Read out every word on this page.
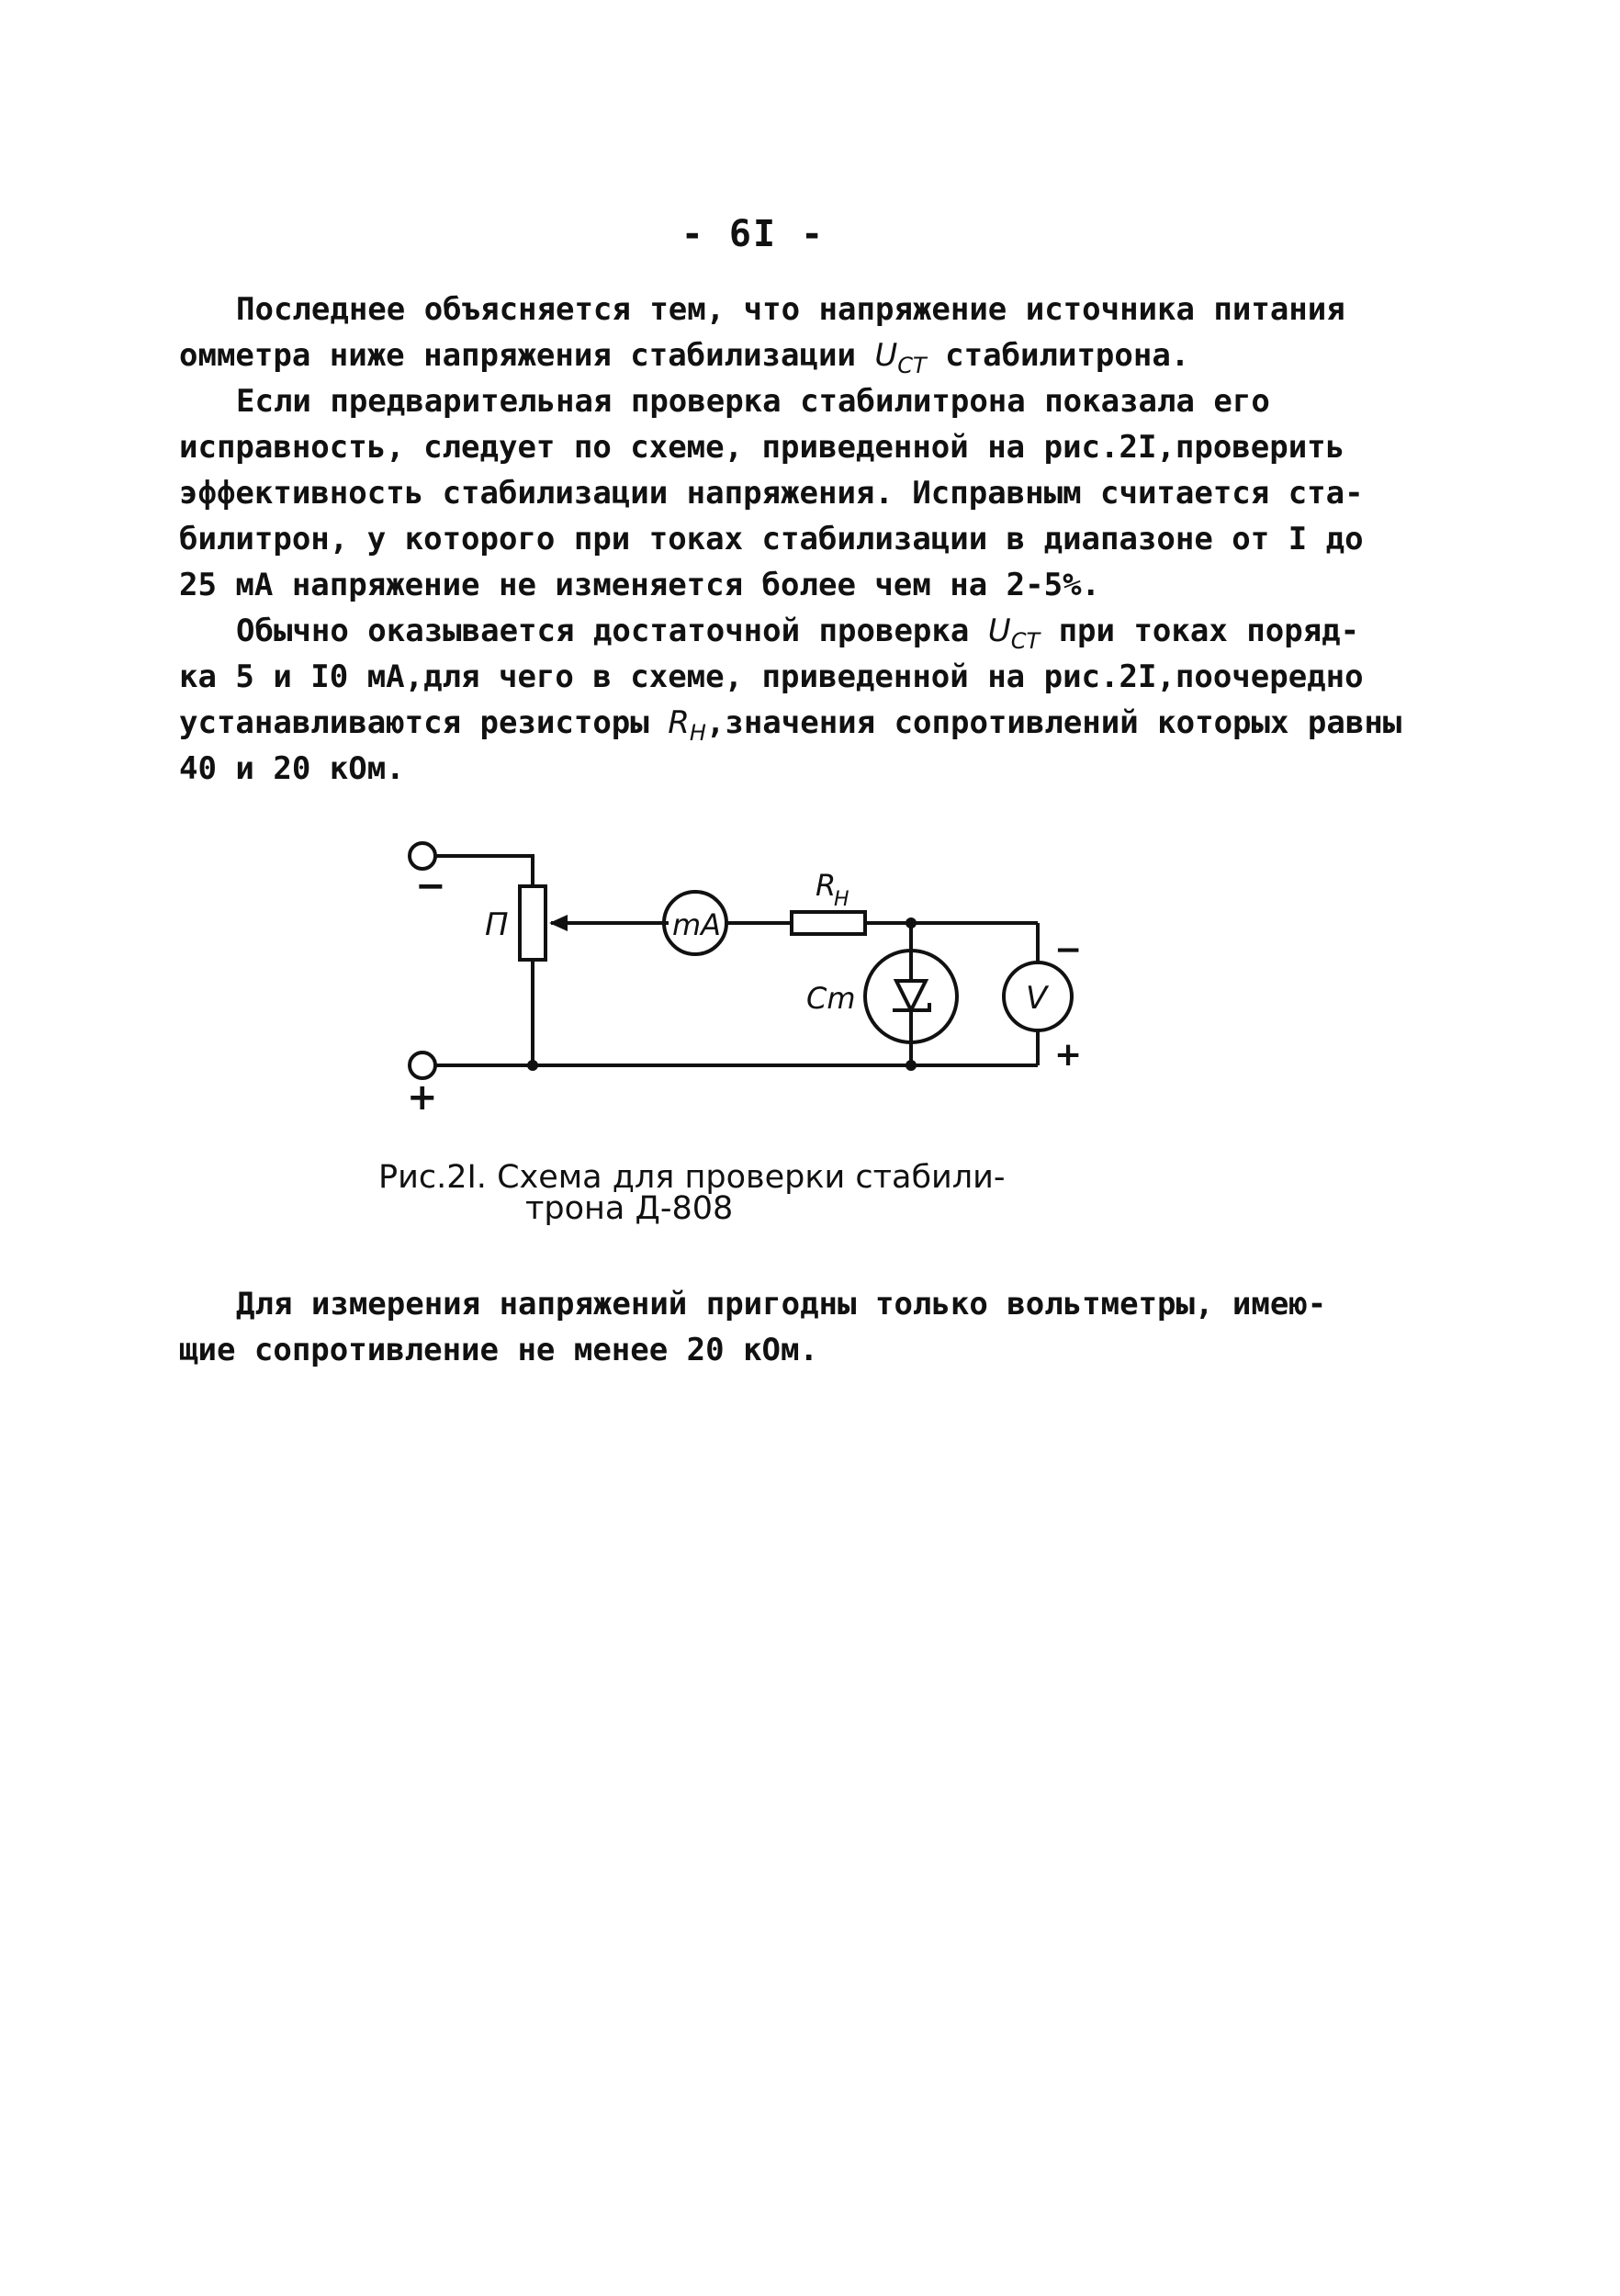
- 6I -
Последнее объясняется тем, что напряжение источника питания
омметра ниже напряжения стабилизации $U_{CT}$ стабилитрона.
Если предварительная проверка стабилитрона показала его
исправность, следует по схеме, приведенной на рис.2I,проверить
эффективность стабилизации напряжения. Исправным считается ста-
билитрон, у которого при токах стабилизации в диапазоне от I до
25 мА напряжение не изменяется более чем на 2-5%.
Обычно оказывается достаточной проверка $U_{CT}$ при токах поряд-
ка 5 и I0 мА,для чего в схеме, приведенной на рис.2I,поочередно
устанавливаются резисторы $R_H,значения$ сопротивлений которых равны
40 и 20 кОм.
−
+
П	mA
R
H
Cm	V
−
+
Рис.2I. Схема для проверки стабили-
трона Д-808
Для измерения напряжений пригодны только вольтметры, имею-
щие сопротивление не менее 20 кОм.
